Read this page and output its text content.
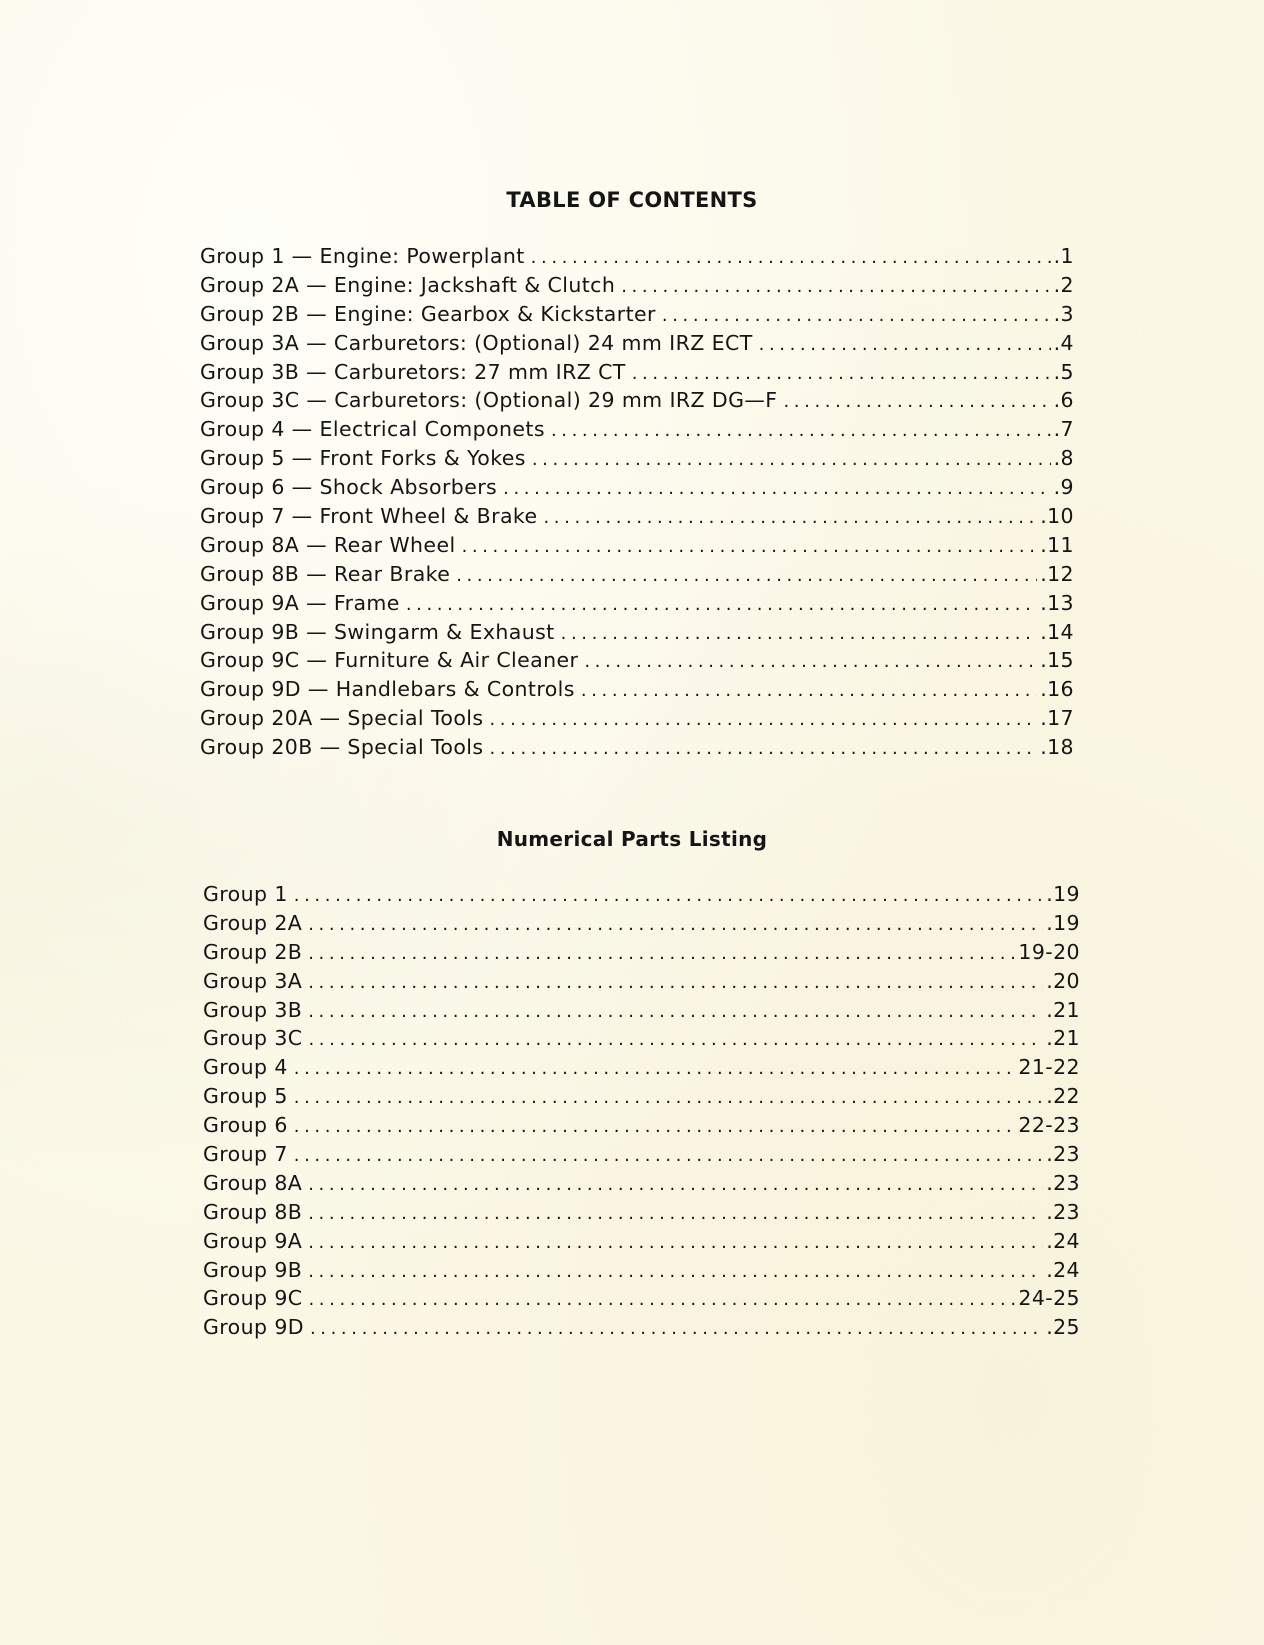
TABLE OF CONTENTS
Group 1 — Engine: Powerplant .....	.1
Group 2A — Engine: Jackshaft & Clutch .....	.2
Group 2B — Engine: Gearbox & Kickstarter .....	.3
Group 3A — Carburetors: (Optional) 24 mm IRZ ECT .....	.4
Group 3B — Carburetors: 27 mm IRZ CT .....	.5
Group 3C — Carburetors: (Optional) 29 mm IRZ DG—F .....	.6
Group 4 — Electrical Componets .....	.7
Group 5 — Front Forks & Yokes .....	.8
Group 6 — Shock Absorbers .....	.9
Group 7 — Front Wheel & Brake .....	.10
Group 8A — Rear Wheel .....	.11
Group 8B — Rear Brake .....	.12
Group 9A — Frame .....	.13
Group 9B — Swingarm & Exhaust .....	.14
Group 9C — Furniture & Air Cleaner .....	.15
Group 9D — Handlebars & Controls .....	.16
Group 20A — Special Tools .....	.17
Group 20B — Special Tools .....	.18
Numerical Parts Listing
Group 1 .....	.19
Group 2A .....	.19
Group 2B .....	19-20
Group 3A .....	.20
Group 3B .....	.21
Group 3C .....	.21
Group 4 .....	21-22
Group 5 .....	.22
Group 6 .....	22-23
Group 7 .....	.23
Group 8A .....	.23
Group 8B .....	.23
Group 9A .....	.24
Group 9B .....	.24
Group 9C .....	24-25
Group 9D .....	.25
